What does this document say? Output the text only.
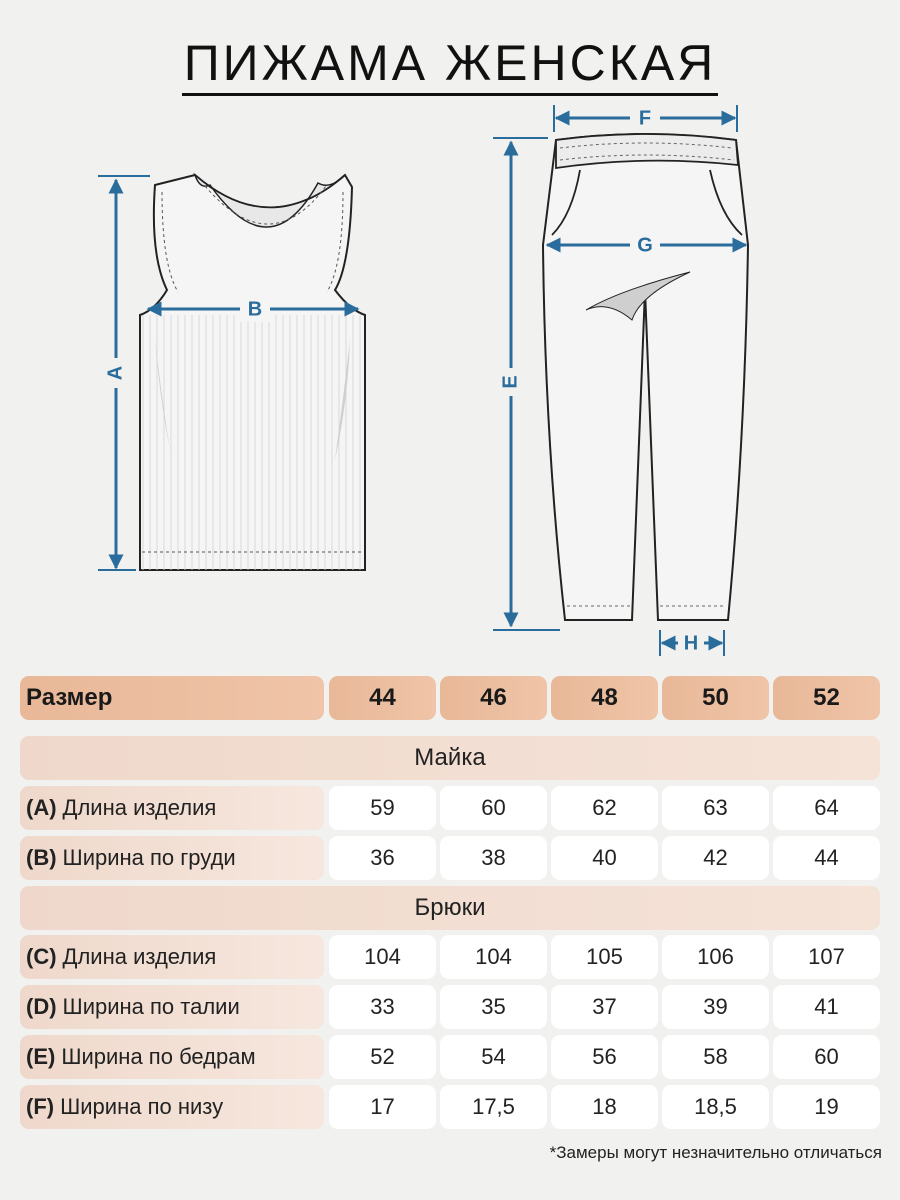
ПИЖАМА ЖЕНСКАЯ
A
B
F
G
E
H
Размер	44	46	48	50	52
Майка
(A) Длина изделия	59	60	62	63	64
(B) Ширина по груди	36	38	40	42	44
Брюки
(C) Длина изделия	104	104	105	106	107
(D) Ширина по талии	33	35	37	39	41
(E) Ширина по бедрам	52	54	56	58	60
(F) Ширина по низу	17	17,5	18	18,5	19
*Замеры могут незначительно отличаться
